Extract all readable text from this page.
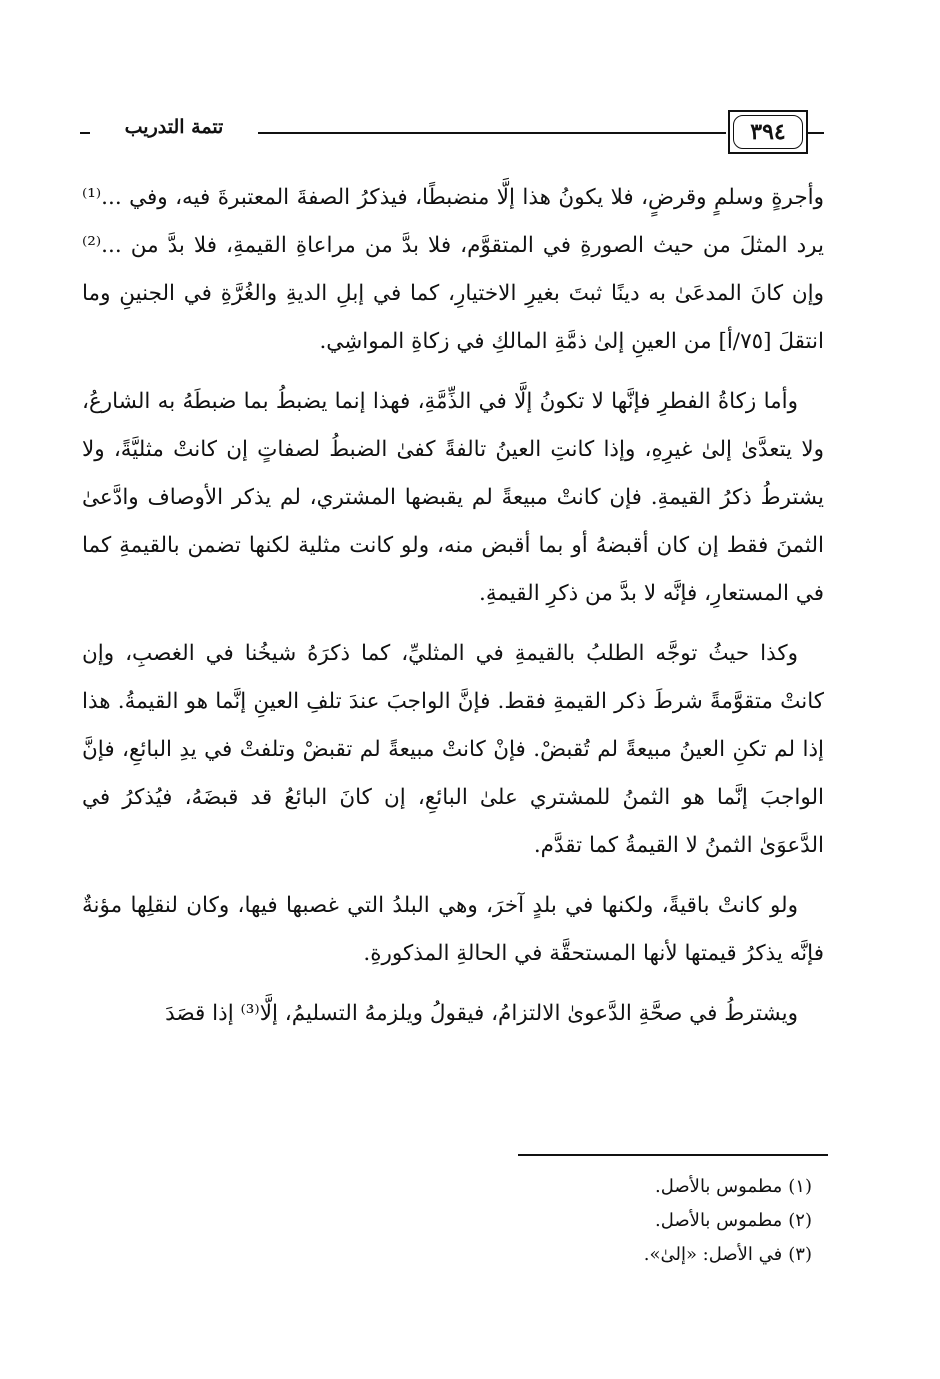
٣٩٤
تتمة التدريب

وأجرةٍ وسلمٍ وقرضٍ، فلا يكونُ هذا إلَّا منضبطًا، فيذكرُ الصفةَ المعتبرةَ فيه، وفي ...⁽¹⁾ يرد المثلَ من حيث الصورةِ في المتقوَّم، فلا بدَّ من مراعاةِ القيمةِ، فلا بدَّ من ...⁽²⁾ وإن كانَ المدعَىٰ به دينًا ثبتَ بغيرِ الاختيارِ، كما في إبلِ الديةِ والغُرَّةِ في الجنينِ وما انتقلَ [٧٥/أ] من العينِ إلىٰ ذمَّةِ المالكِ في زكاةِ المواشِي.

وأما زكاةُ الفطرِ فإنَّها لا تكونُ إلَّا في الذِّمَّةِ، فهذا إنما يضبطُ بما ضبطَهُ به الشارعُ، ولا يتعدَّىٰ إلىٰ غيرِهِ، وإذا كانتِ العينُ تالفةً كفىٰ الضبطُ لصفاتٍ إن كانتْ مثليَّةً، ولا يشترطُ ذكرُ القيمةِ. فإن كانتْ مبيعةً لم يقبضها المشتري، لم يذكر الأوصاف وادَّعىٰ الثمنَ فقط إن كان أقبضهُ أو بما أقبض منه، ولو كانت مثلية لكنها تضمن بالقيمةِ كما في المستعارِ، فإنَّه لا بدَّ من ذكرِ القيمةِ.

وكذا حيثُ توجَّه الطلبُ بالقيمةِ في المثليِّ، كما ذكرَهُ شيخُنا في الغصبِ، وإن كانتْ متقوَّمةً شرطَ ذكر القيمةِ فقط. فإنَّ الواجبَ عندَ تلفِ العينِ إنَّما هو القيمةُ. هذا إذا لم تكنِ العينُ مبيعةً لم تُقبضْ. فإنْ كانتْ مبيعةً لم تقبضْ وتلفتْ في يدِ البائعِ، فإنَّ الواجبَ إنَّما هو الثمنُ للمشتري علىٰ البائعِ، إن كانَ البائعُ قد قبضَهُ، فيُذكرُ في الدَّعوَىٰ الثمنُ لا القيمةُ كما تقدَّم.

ولو كانتْ باقيةً، ولكنها في بلدٍ آخرَ، وهي البلدُ التي غصبها فيها، وكان لنقلِها مؤنةٌ فإنَّه يذكرُ قيمتها لأنها المستحقَّة في الحالةِ المذكورةِ.

ويشترطُ في صحَّةِ الدَّعوىٰ الالتزامُ، فيقولُ ويلزمهُ التسليمُ، إلَّا⁽³⁾ إذا قصَدَ

(١)مطموس بالأصل.

(٢)مطموس بالأصل.

(٣)في الأصل: «إلىٰ».
